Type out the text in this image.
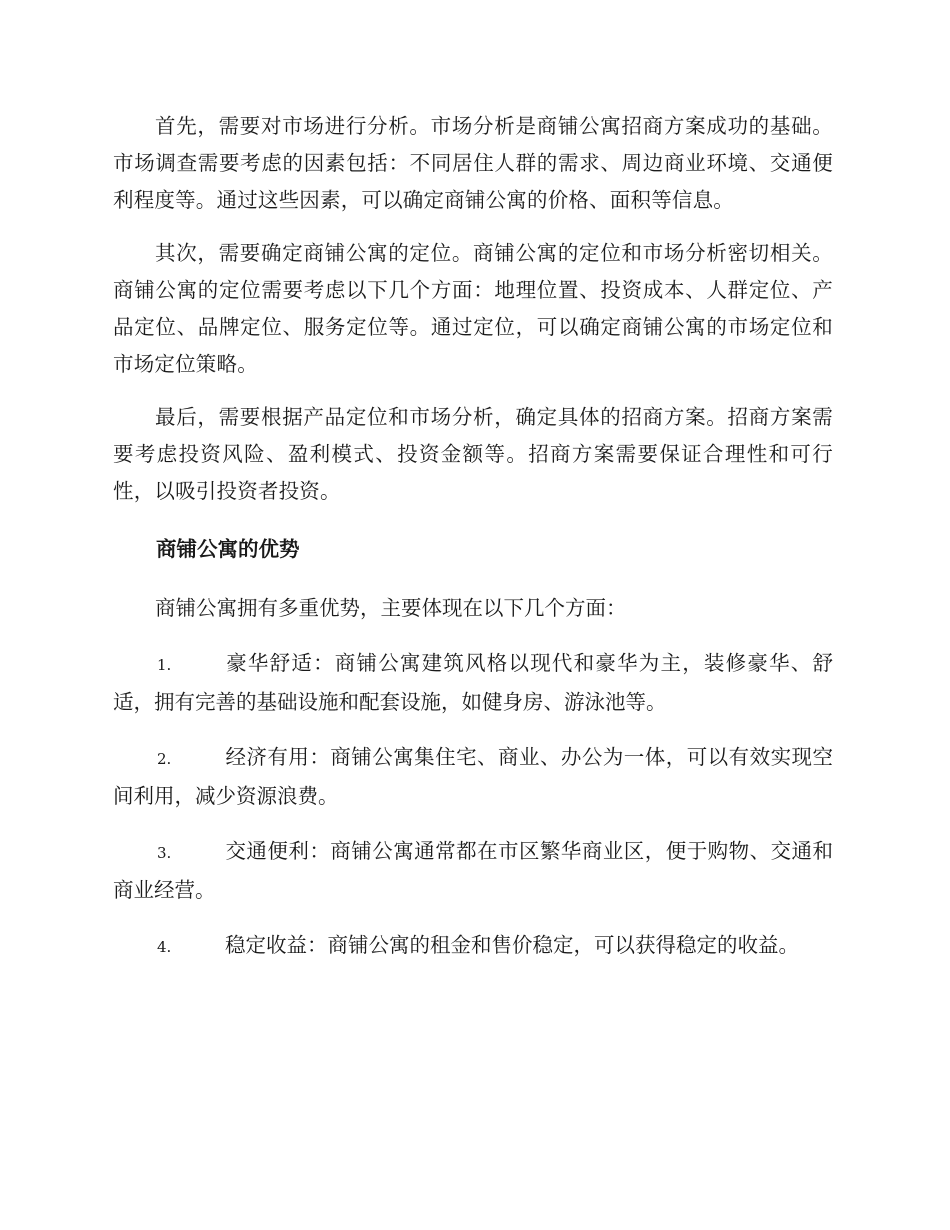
首先，需要对市场进行分析。市场分析是商铺公寓招商方案成功的基础。市场调查需要考虑的因素包括：不同居住人群的需求、周边商业环境、交通便利程度等。通过这些因素，可以确定商铺公寓的价格、面积等信息。

其次，需要确定商铺公寓的定位。商铺公寓的定位和市场分析密切相关。商铺公寓的定位需要考虑以下几个方面：地理位置、投资成本、人群定位、产品定位、品牌定位、服务定位等。通过定位，可以确定商铺公寓的市场定位和市场定位策略。

最后，需要根据产品定位和市场分析，确定具体的招商方案。招商方案需要考虑投资风险、盈利模式、投资金额等。招商方案需要保证合理性和可行性，以吸引投资者投资。

商铺公寓的优势

商铺公寓拥有多重优势，主要体现在以下几个方面：

1.	豪华舒适：商铺公寓建筑风格以现代和豪华为主，装修豪华、舒适，拥有完善的基础设施和配套设施，如健身房、游泳池等。

2.	经济有用：商铺公寓集住宅、商业、办公为一体，可以有效实现空间利用，减少资源浪费。

3.	交通便利：商铺公寓通常都在市区繁华商业区，便于购物、交通和商业经营。

4.	稳定收益：商铺公寓的租金和售价稳定，可以获得稳定的收益。
